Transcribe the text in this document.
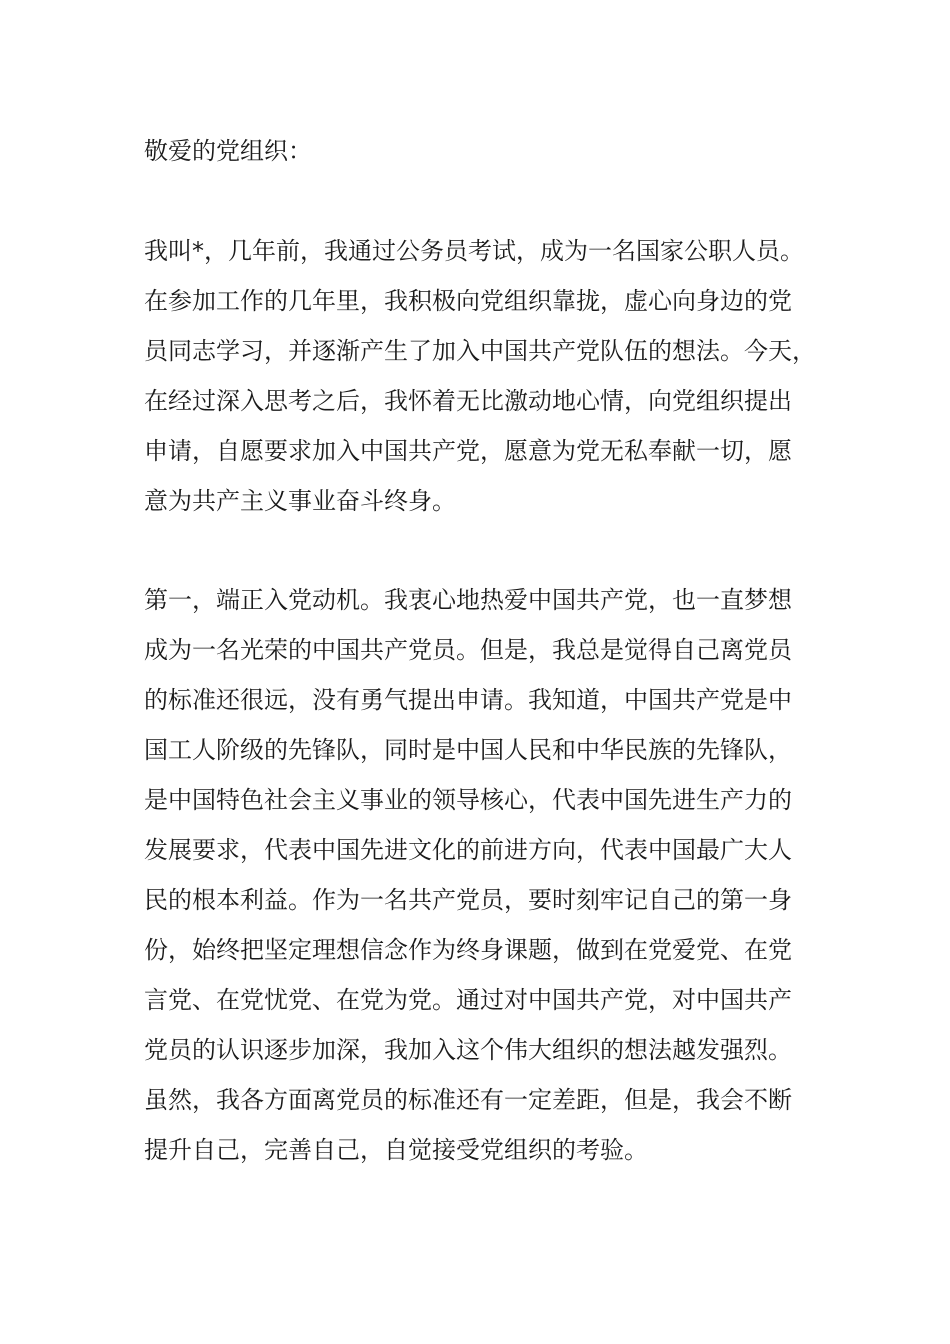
敬爱的党组织：
我叫*，几年前，我通过公务员考试，成为一名国家公职人员。
在参加工作的几年里，我积极向党组织靠拢，虚心向身边的党
员同志学习，并逐渐产生了加入中国共产党队伍的想法。今天，
在经过深入思考之后，我怀着无比激动地心情，向党组织提出
申请，自愿要求加入中国共产党，愿意为党无私奉献一切，愿
意为共产主义事业奋斗终身。
第一，端正入党动机。我衷心地热爱中国共产党，也一直梦想
成为一名光荣的中国共产党员。但是，我总是觉得自己离党员
的标准还很远，没有勇气提出申请。我知道，中国共产党是中
国工人阶级的先锋队，同时是中国人民和中华民族的先锋队，
是中国特色社会主义事业的领导核心，代表中国先进生产力的
发展要求，代表中国先进文化的前进方向，代表中国最广大人
民的根本利益。作为一名共产党员，要时刻牢记自己的第一身
份，始终把坚定理想信念作为终身课题，做到在党爱党、在党
言党、在党忧党、在党为党。通过对中国共产党，对中国共产
党员的认识逐步加深，我加入这个伟大组织的想法越发强烈。
虽然，我各方面离党员的标准还有一定差距，但是，我会不断
提升自己，完善自己，自觉接受党组织的考验。
